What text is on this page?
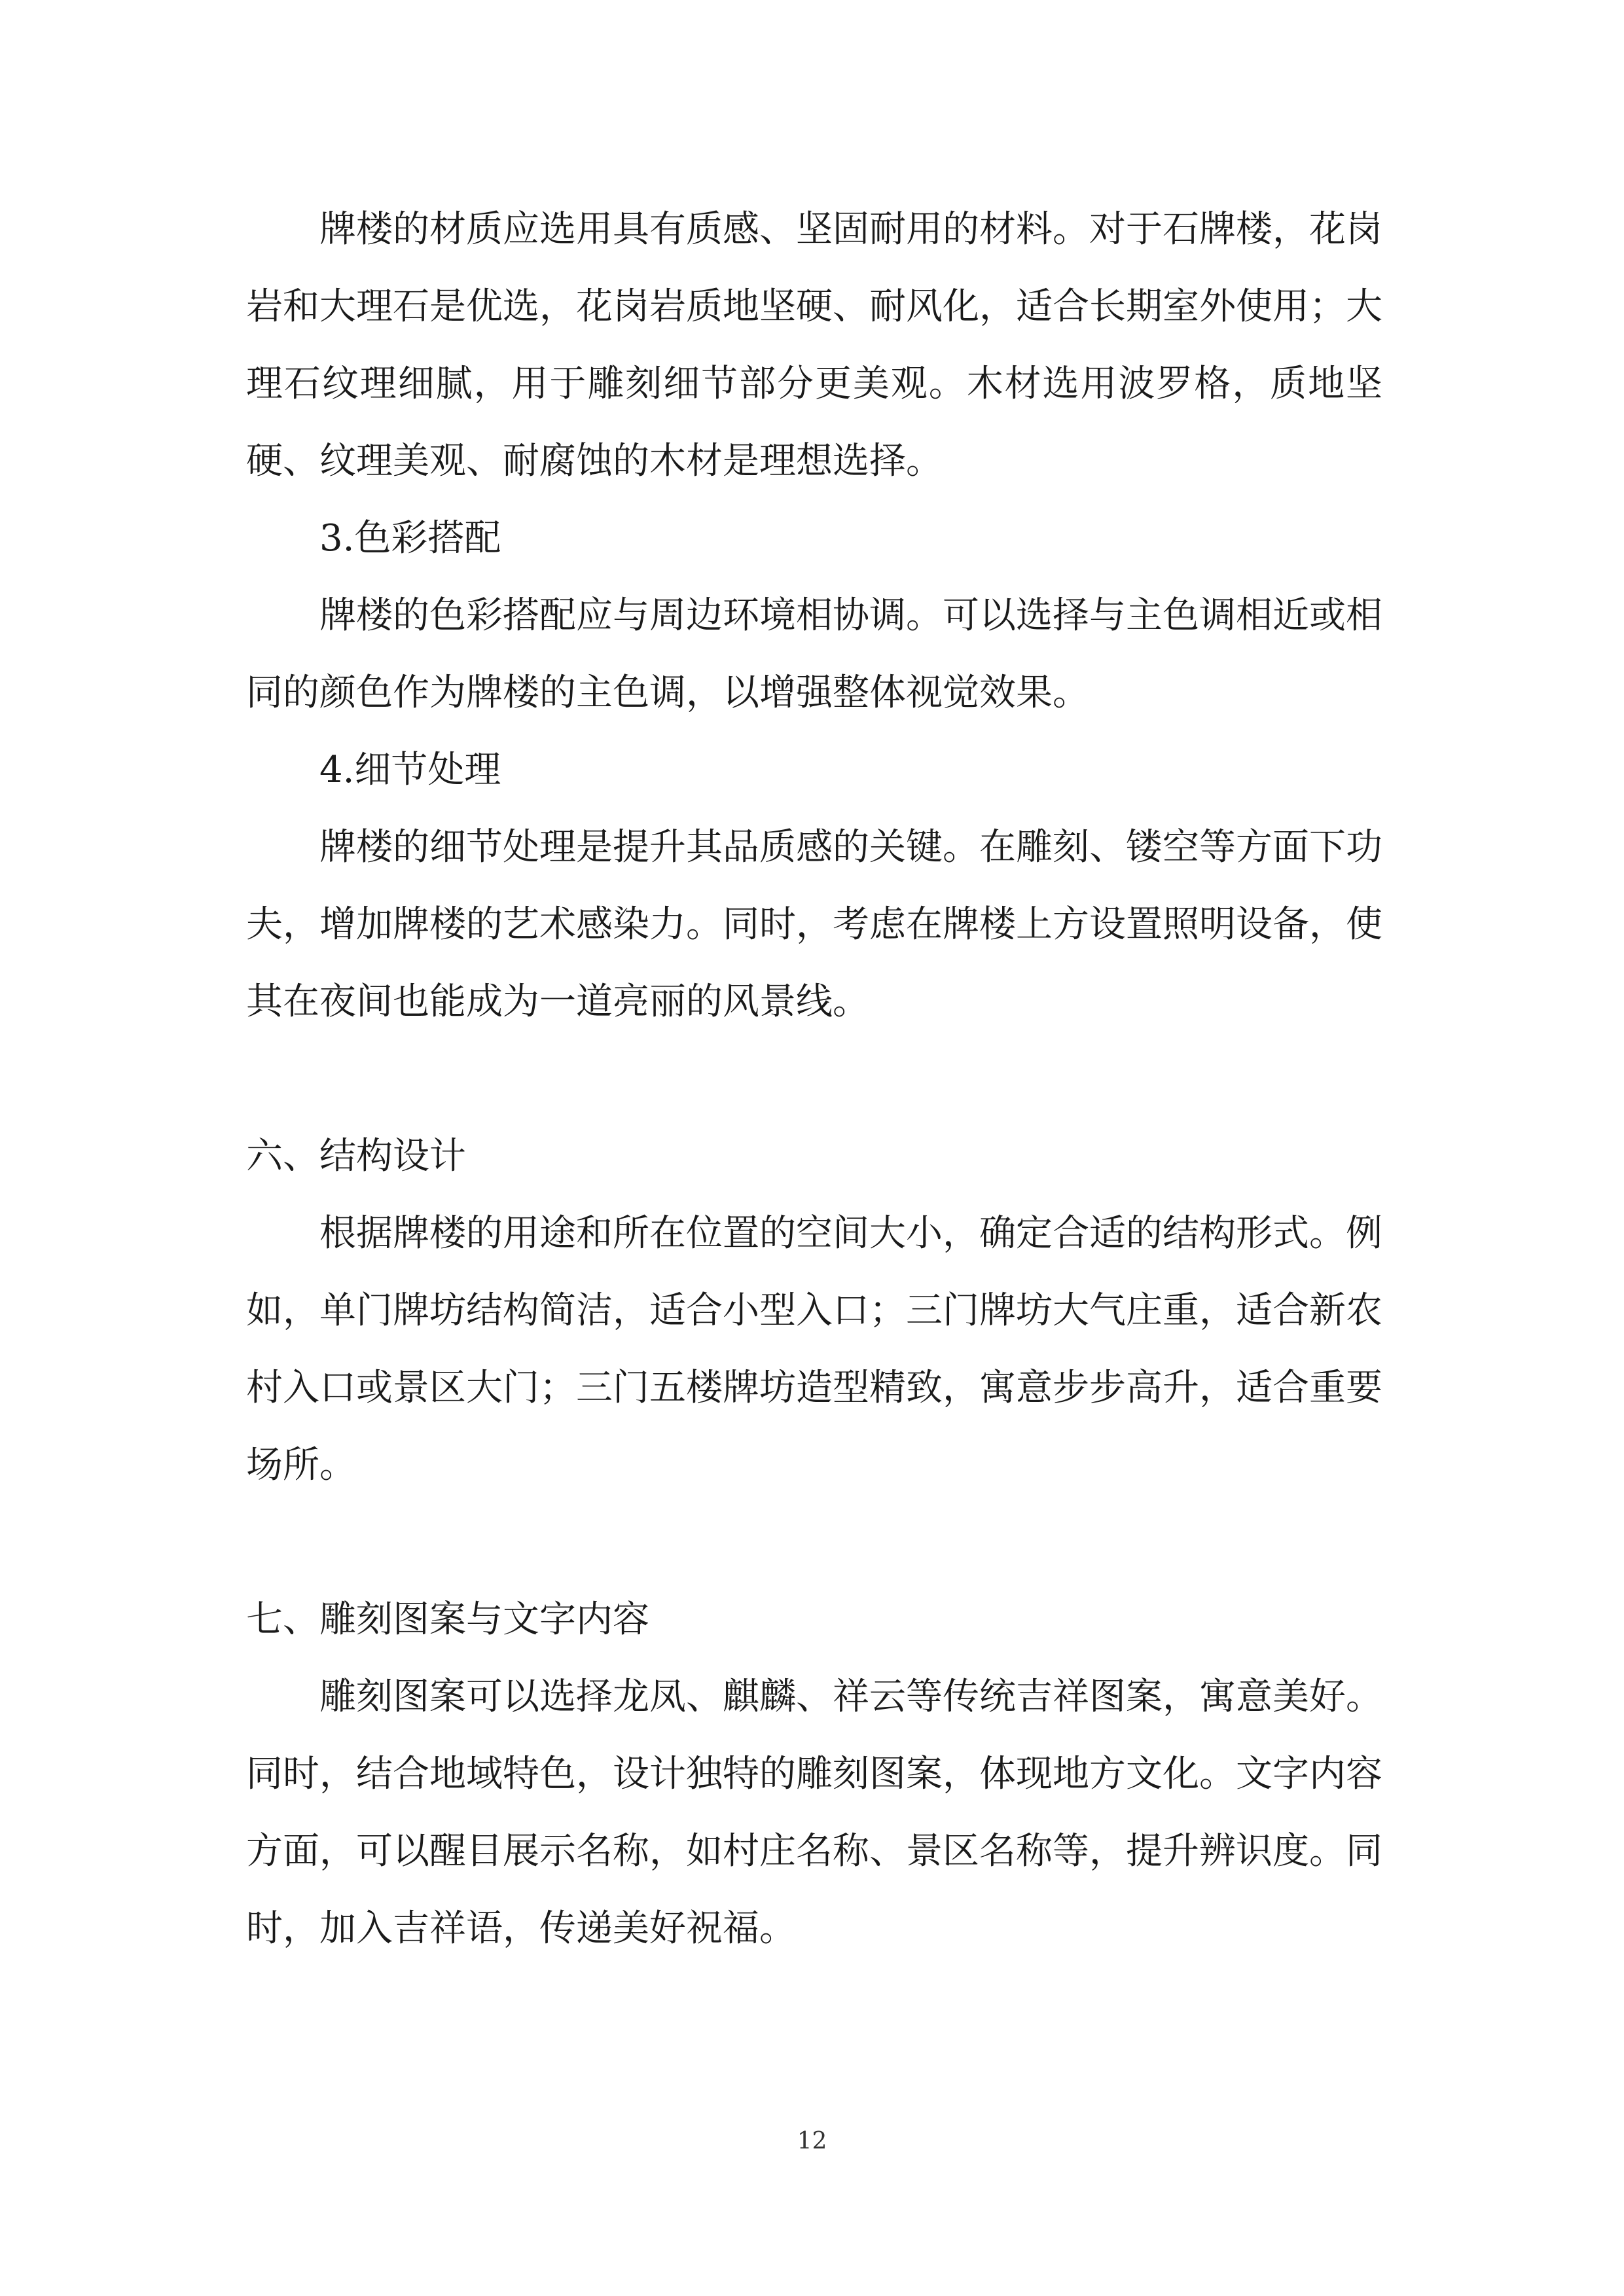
牌楼的材质应选用具有质感、坚固耐用的材料。对于石牌楼，花岗岩和大理石是优选，花岗岩质地坚硬、耐风化，适合长期室外使用；大理石纹理细腻，用于雕刻细节部分更美观。木材选用波罗格，质地坚硬、纹理美观、耐腐蚀的木材是理想选择。

3.色彩搭配

牌楼的色彩搭配应与周边环境相协调。可以选择与主色调相近或相同的颜色作为牌楼的主色调，以增强整体视觉效果。

4.细节处理

牌楼的细节处理是提升其品质感的关键。在雕刻、镂空等方面下功夫，增加牌楼的艺术感染力。同时，考虑在牌楼上方设置照明设备，使其在夜间也能成为一道亮丽的风景线。

六、结构设计

根据牌楼的用途和所在位置的空间大小，确定合适的结构形式。例如，单门牌坊结构简洁，适合小型入口；三门牌坊大气庄重，适合新农村入口或景区大门；三门五楼牌坊造型精致，寓意步步高升，适合重要场所。

七、雕刻图案与文字内容

雕刻图案可以选择龙凤、麒麟、祥云等传统吉祥图案，寓意美好。同时，结合地域特色，设计独特的雕刻图案，体现地方文化。文字内容方面，可以醒目展示名称，如村庄名称、景区名称等，提升辨识度。同时，加入吉祥语，传递美好祝福。

12
